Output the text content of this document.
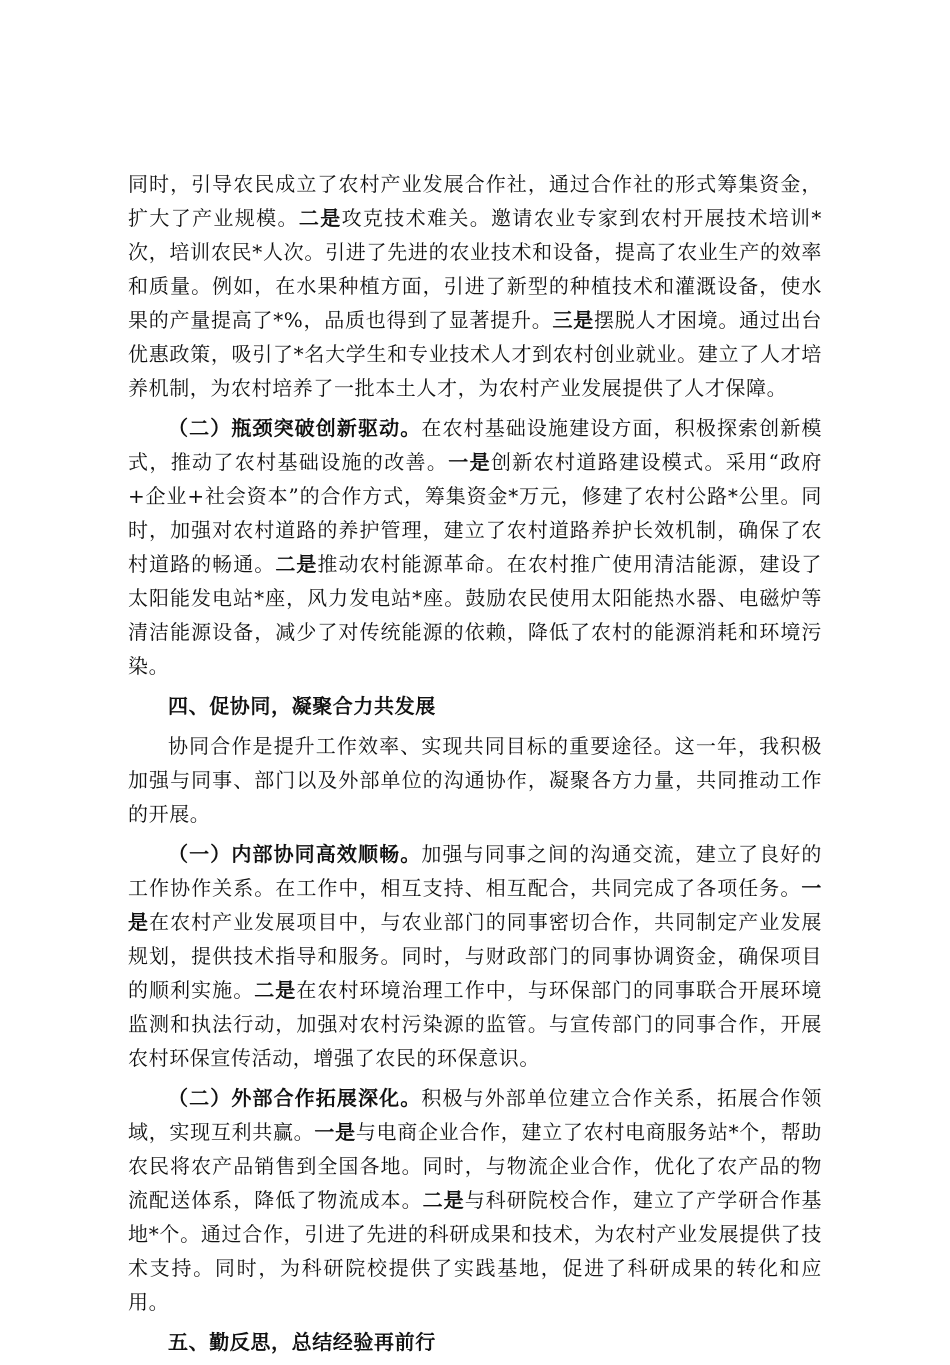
同时，引导农民成立了农村产业发展合作社，通过合作社的形式筹集资金，扩大了产业规模。二是攻克技术难关。邀请农业专家到农村开展技术培训*次，培训农民*人次。引进了先进的农业技术和设备，提高了农业生产的效率和质量。例如，在水果种植方面，引进了新型的种植技术和灌溉设备，使水果的产量提高了*%，品质也得到了显著提升。三是摆脱人才困境。通过出台优惠政策，吸引了*名大学生和专业技术人才到农村创业就业。建立了人才培养机制，为农村培养了一批本土人才，为农村产业发展提供了人才保障。

（二）瓶颈突破创新驱动。在农村基础设施建设方面，积极探索创新模式，推动了农村基础设施的改善。一是创新农村道路建设模式。采用“政府+企业+社会资本”的合作方式，筹集资金*万元，修建了农村公路*公里。同时，加强对农村道路的养护管理，建立了农村道路养护长效机制，确保了农村道路的畅通。二是推动农村能源革命。在农村推广使用清洁能源，建设了太阳能发电站*座，风力发电站*座。鼓励农民使用太阳能热水器、电磁炉等清洁能源设备，减少了对传统能源的依赖，降低了农村的能源消耗和环境污染。

四、促协同，凝聚合力共发展

协同合作是提升工作效率、实现共同目标的重要途径。这一年，我积极加强与同事、部门以及外部单位的沟通协作，凝聚各方力量，共同推动工作的开展。

（一）内部协同高效顺畅。加强与同事之间的沟通交流，建立了良好的工作协作关系。在工作中，相互支持、相互配合，共同完成了各项任务。一是在农村产业发展项目中，与农业部门的同事密切合作，共同制定产业发展规划，提供技术指导和服务。同时，与财政部门的同事协调资金，确保项目的顺利实施。二是在农村环境治理工作中，与环保部门的同事联合开展环境监测和执法行动，加强对农村污染源的监管。与宣传部门的同事合作，开展农村环保宣传活动，增强了农民的环保意识。

（二）外部合作拓展深化。积极与外部单位建立合作关系，拓展合作领域，实现互利共赢。一是与电商企业合作，建立了农村电商服务站*个，帮助农民将农产品销售到全国各地。同时，与物流企业合作，优化了农产品的物流配送体系，降低了物流成本。二是与科研院校合作，建立了产学研合作基地*个。通过合作，引进了先进的科研成果和技术，为农村产业发展提供了技术支持。同时，为科研院校提供了实践基地，促进了科研成果的转化和应用。

五、勤反思，总结经验再前行
